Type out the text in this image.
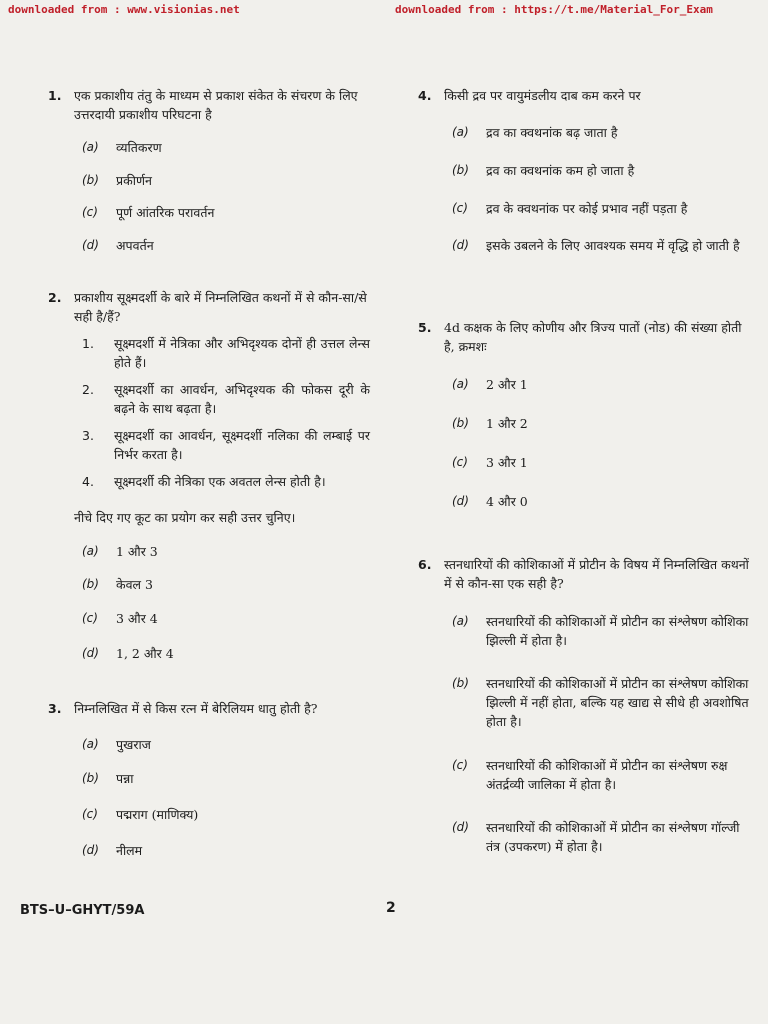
downloaded from : www.visionias.net	downloaded from : https://t.me/Material_For_Exam
1. एक प्रकाशीय तंतु के माध्यम से प्रकाश संकेत के संचरण के लिए उत्तरदायी प्रकाशीय परिघटना है
(a) व्यतिकरण
(b) प्रकीर्णन
(c) पूर्ण आंतरिक परावर्तन
(d) अपवर्तन
2. प्रकाशीय सूक्ष्मदर्शी के बारे में निम्नलिखित कथनों में से कौन-सा/से सही है/हैं?
1. सूक्ष्मदर्शी में नेत्रिका और अभिदृश्यक दोनों ही उत्तल लेन्स होते हैं।
2. सूक्ष्मदर्शी का आवर्धन, अभिदृश्यक की फोकस दूरी के बढ़ने के साथ बढ़ता है।
3. सूक्ष्मदर्शी का आवर्धन, सूक्ष्मदर्शी नलिका की लम्बाई पर निर्भर करता है।
4. सूक्ष्मदर्शी की नेत्रिका एक अवतल लेन्स होती है।
नीचे दिए गए कूट का प्रयोग कर सही उत्तर चुनिए।
(a) 1 और 3
(b) केवल 3
(c) 3 और 4
(d) 1, 2 और 4
3. निम्नलिखित में से किस रत्न में बेरिलियम धातु होती है?
(a) पुखराज
(b) पन्ना
(c) पद्मराग (माणिक्य)
(d) नीलम
4. किसी द्रव पर वायुमंडलीय दाब कम करने पर
(a) द्रव का क्वथनांक बढ़ जाता है
(b) द्रव का क्वथनांक कम हो जाता है
(c) द्रव के क्वथनांक पर कोई प्रभाव नहीं पड़ता है
(d) इसके उबलने के लिए आवश्यक समय में वृद्धि हो जाती है
5. 4d कक्षक के लिए कोणीय और त्रिज्य पातों (नोड) की संख्या होती है, क्रमशः
(a) 2 और 1
(b) 1 और 2
(c) 3 और 1
(d) 4 और 0
6. स्तनधारियों की कोशिकाओं में प्रोटीन के विषय में निम्नलिखित कथनों में से कौन-सा एक सही है?
(a) स्तनधारियों की कोशिकाओं में प्रोटीन का संश्लेषण कोशिका झिल्ली में होता है।
(b) स्तनधारियों की कोशिकाओं में प्रोटीन का संश्लेषण कोशिका झिल्ली में नहीं होता, बल्कि यह खाद्य से सीधे ही अवशोषित होता है।
(c) स्तनधारियों की कोशिकाओं में प्रोटीन का संश्लेषण रुक्ष अंतर्द्रव्यी जालिका में होता है।
(d) स्तनधारियों की कोशिकाओं में प्रोटीन का संश्लेषण गॉल्जी तंत्र (उपकरण) में होता है।
BTS–U–GHYT/59A	2
